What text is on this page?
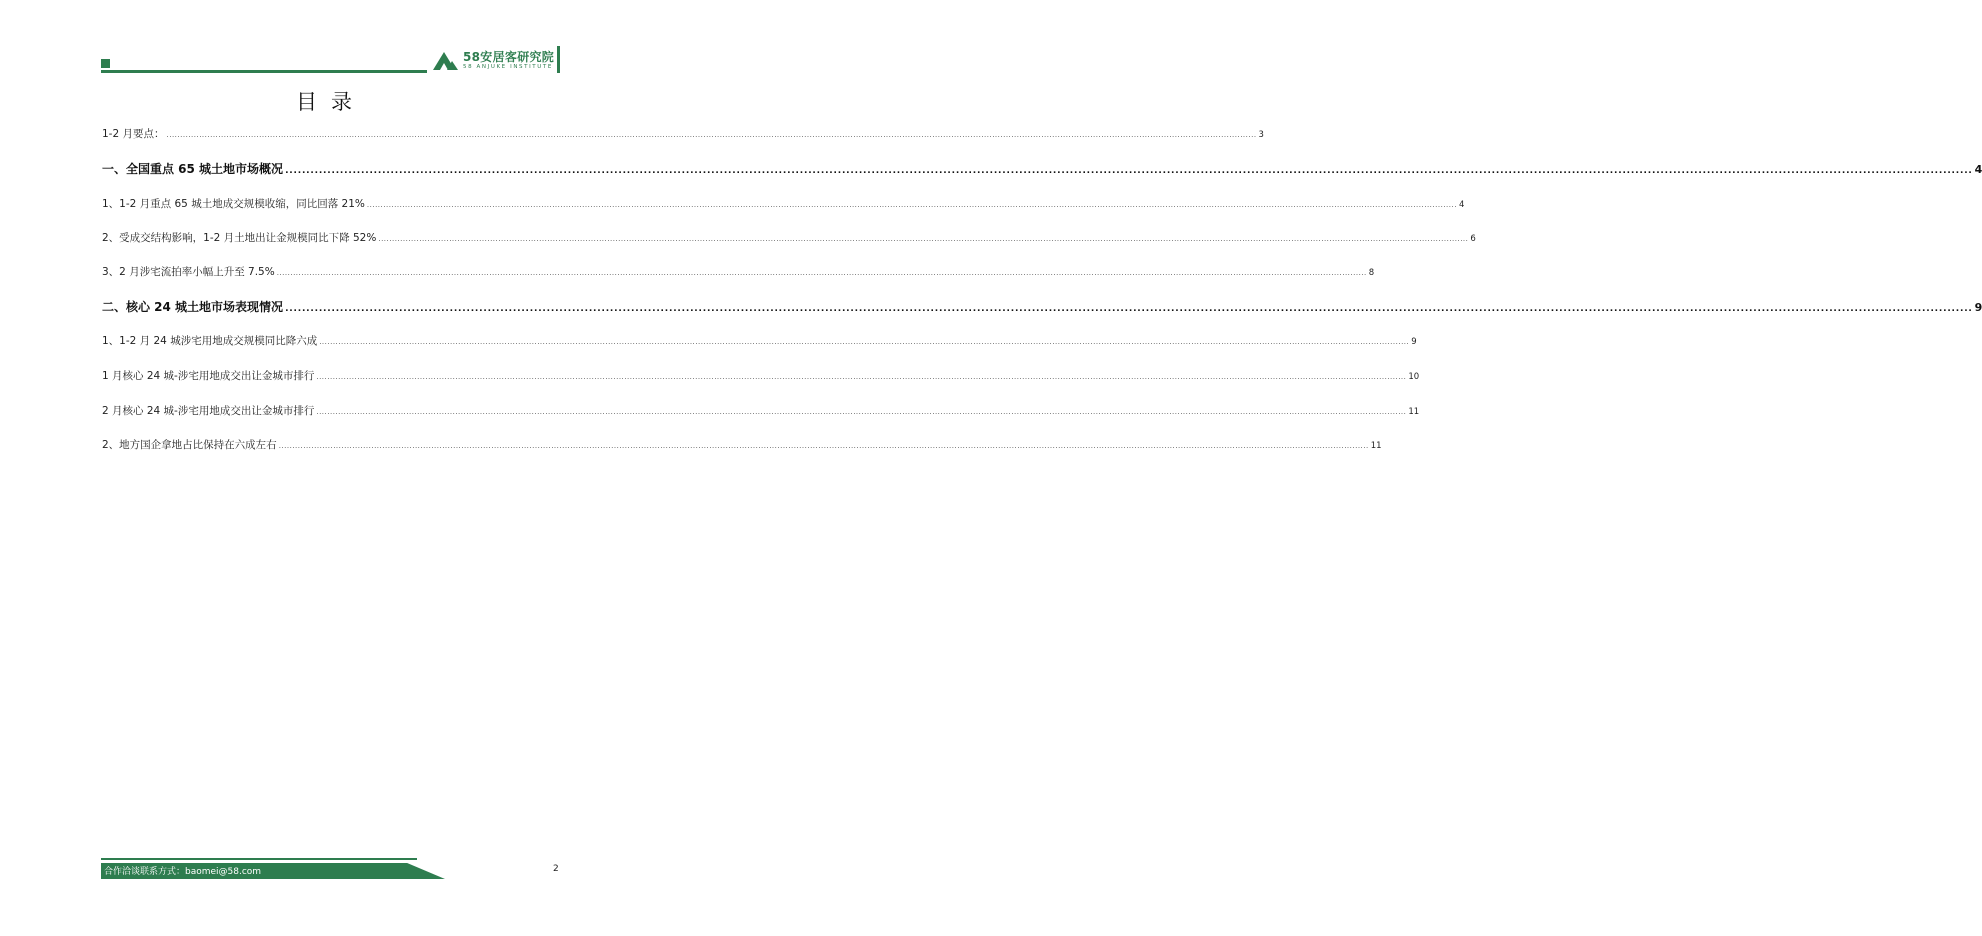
58安居客研究院
58 ANJUKE INSTITUTE
目录
1-2 月要点： ................................................................................................................................................................................................................................................................................................................................................................................................................ 3
一、全国重点 65 城土地市场概况 ................................................................................................................................................................................................................................................................................................................................................................................................................ 4
1、1-2 月重点 65 城土地成交规模收缩，同比回落 21% ................................................................................................................................................................................................................................................................................................................................................................................................................ 4
2、受成交结构影响，1-2 月土地出让金规模同比下降 52% ................................................................................................................................................................................................................................................................................................................................................................................................................ 6
3、2 月涉宅流拍率小幅上升至 7.5% ................................................................................................................................................................................................................................................................................................................................................................................................................ 8
二、核心 24 城土地市场表现情况 ................................................................................................................................................................................................................................................................................................................................................................................................................ 9
1、1-2 月 24 城涉宅用地成交规模同比降六成 ................................................................................................................................................................................................................................................................................................................................................................................................................ 9
1 月核心 24 城-涉宅用地成交出让金城市排行 ................................................................................................................................................................................................................................................................................................................................................................................................................ 10
2 月核心 24 城-涉宅用地成交出让金城市排行 ................................................................................................................................................................................................................................................................................................................................................................................................................ 11
2、地方国企拿地占比保持在六成左右 ................................................................................................................................................................................................................................................................................................................................................................................................................ 11
合作洽谈联系方式：baomei@58.com	2
